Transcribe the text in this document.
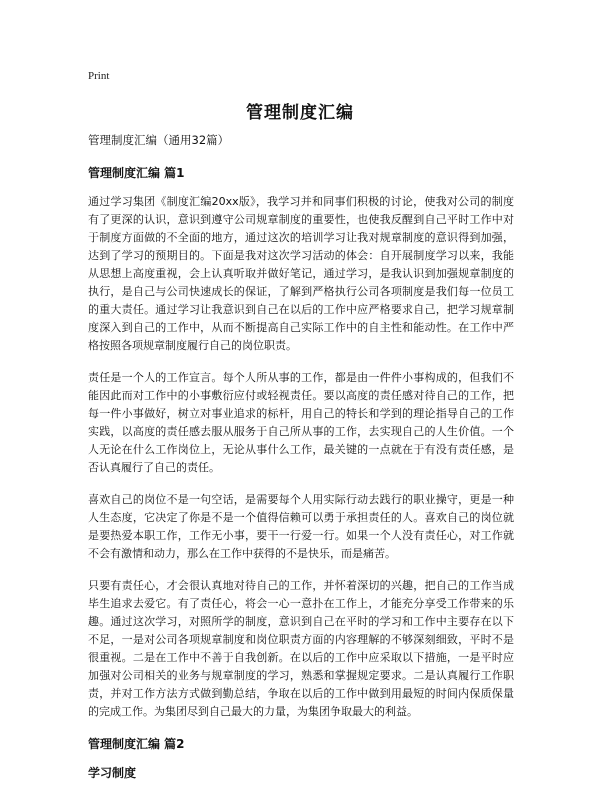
Print
管理制度汇编
管理制度汇编（通用32篇）
管理制度汇编 篇1

通过学习集团《制度汇编20xx版》，我学习并和同事们积极的讨论，使我对公司的制度有了更深的认识，意识到遵守公司规章制度的重要性，也使我反醒到自己平时工作中对于制度方面做的不全面的地方，通过这次的培训学习让我对规章制度的意识得到加强，达到了学习的预期目的。下面是我对这次学习活动的体会：自开展制度学习以来，我能从思想上高度重视，会上认真听取并做好笔记，通过学习，是我认识到加强规章制度的执行，是自己与公司快速成长的保证，了解到严格执行公司各项制度是我们每一位员工的重大责任。通过学习让我意识到自己在以后的工作中应严格要求自己，把学习规章制度深入到自己的工作中，从而不断提高自己实际工作中的自主性和能动性。在工作中严格按照各项规章制度履行自己的岗位职责。

责任是一个人的工作宣言。每个人所从事的工作，都是由一件件小事构成的，但我们不能因此而对工作中的小事敷衍应付或轻视责任。要以高度的责任感对待自己的工作，把每一件小事做好，树立对事业追求的标杆，用自己的特长和学到的理论指导自己的工作实践，以高度的责任感去服从服务于自己所从事的工作，去实现自己的人生价值。一个人无论在什么工作岗位上，无论从事什么工作，最关键的一点就在于有没有责任感，是否认真履行了自己的责任。

喜欢自己的岗位不是一句空话，是需要每个人用实际行动去践行的职业操守，更是一种人生态度，它决定了你是不是一个值得信赖可以勇于承担责任的人。喜欢自己的岗位就是要热爱本职工作，工作无小事，要干一行爱一行。如果一个人没有责任心，对工作就不会有激情和动力，那么在工作中获得的不是快乐，而是痛苦。

只要有责任心，才会很认真地对待自己的工作，并怀着深切的兴趣，把自己的工作当成毕生追求去爱它。有了责任心，将会一心一意扑在工作上，才能充分享受工作带来的乐趣。通过这次学习，对照所学的制度，意识到自己在平时的学习和工作中主要存在以下不足，一是对公司各项规章制度和岗位职责方面的内容理解的不够深刻细致，平时不是很重视。二是在工作中不善于自我创新。在以后的工作中应采取以下措施，一是平时应加强对公司相关的业务与规章制度的学习，熟悉和掌握规定要求。二是认真履行工作职责，并对工作方法方式做到勤总结，争取在以后的工作中做到用最短的时间内保质保量的完成工作。为集团尽到自己最大的力量，为集团争取最大的利益。

管理制度汇编 篇2
学习制度
